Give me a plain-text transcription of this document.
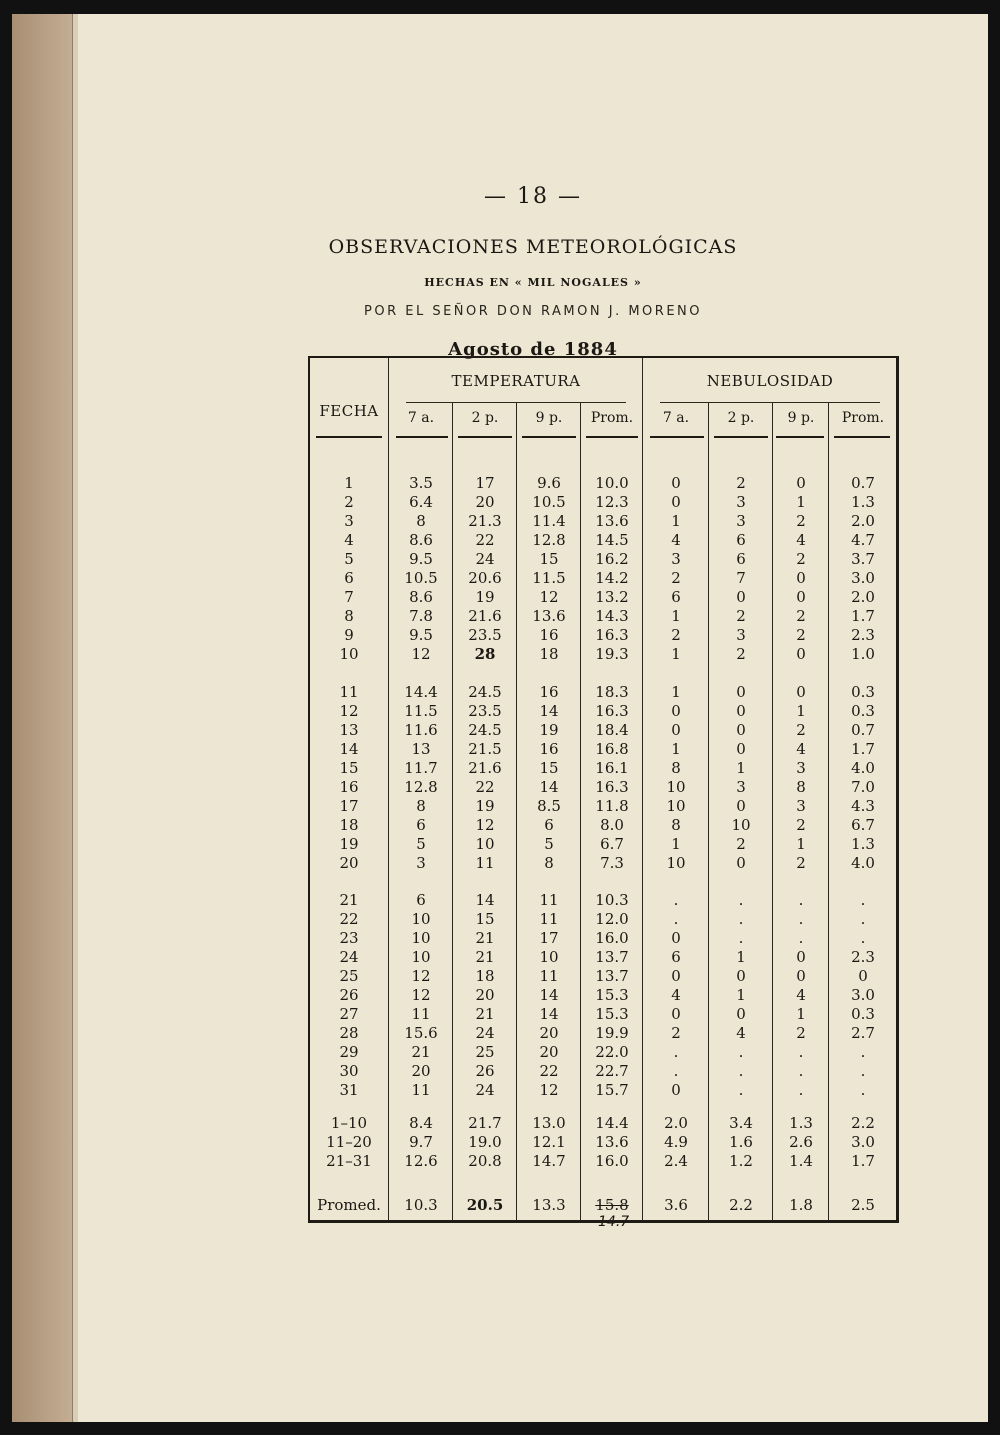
— 18 —
OBSERVACIONES METEOROLÓGICAS
HECHAS EN « MIL NOGALES »
POR EL SEÑOR DON RAMON J. MORENO
Agosto de 1884
FECHA
TEMPERATURA	NEBULOSIDAD
7 a.	2 p.	9 p.	Prom.	7 a.	2 p.	9 p.	Prom.
1	3.5	17	9.6	10.0	0	2	0	0.7
2	6.4	20	10.5	12.3	0	3	1	1.3
3	8	21.3	11.4	13.6	1	3	2	2.0
4	8.6	22	12.8	14.5	4	6	4	4.7
5	9.5	24	15	16.2	3	6	2	3.7
6	10.5	20.6	11.5	14.2	2	7	0	3.0
7	8.6	19	12	13.2	6	0	0	2.0
8	7.8	21.6	13.6	14.3	1	2	2	1.7
9	9.5	23.5	16	16.3	2	3	2	2.3
10	12	28	18	19.3	1	2	0	1.0
11	14.4	24.5	16	18.3	1	0	0	0.3
12	11.5	23.5	14	16.3	0	0	1	0.3
13	11.6	24.5	19	18.4	0	0	2	0.7
14	13	21.5	16	16.8	1	0	4	1.7
15	11.7	21.6	15	16.1	8	1	3	4.0
16	12.8	22	14	16.3	10	3	8	7.0
17	8	19	8.5	11.8	10	0	3	4.3
18	6	12	6	8.0	8	10	2	6.7
19	5	10	5	6.7	1	2	1	1.3
20	3	11	8	7.3	10	0	2	4.0
21	6	14	11	10.3	.	.	.	.
22	10	15	11	12.0	.	.	.	.
23	10	21	17	16.0	0	.	.	.
24	10	21	10	13.7	6	1	0	2.3
25	12	18	11	13.7	0	0	0	0
26	12	20	14	15.3	4	1	4	3.0
27	11	21	14	15.3	0	0	1	0.3
28	15.6	24	20	19.9	2	4	2	2.7
29	21	25	20	22.0	.	.	.	.
30	20	26	22	22.7	.	.	.	.
31	11	24	12	15.7	0	.	.	.
1–10	8.4	21.7	13.0	14.4	2.0	3.4	1.3	2.2
11–20	9.7	19.0	12.1	13.6	4.9	1.6	2.6	3.0
21–31	12.6	20.8	14.7	16.0	2.4	1.2	1.4	1.7
Promed.	10.3	20.5	13.3	15.8	3.6	2.2	1.8	2.5
14.7
